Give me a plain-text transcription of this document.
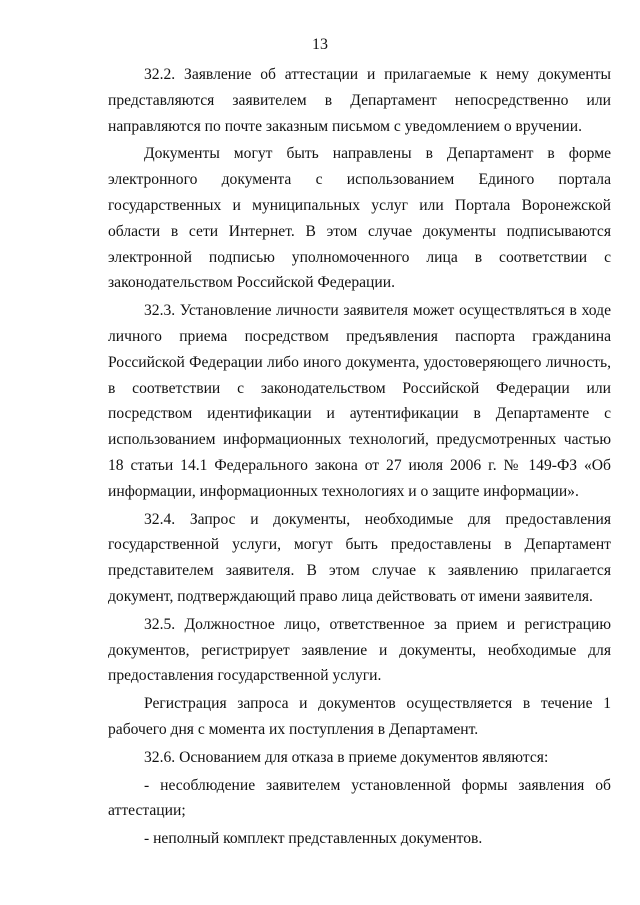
13

32.2. Заявление об аттестации и прилагаемые к нему документы представляются заявителем в Департамент непосредственно или направляются по почте заказным письмом с уведомлением о вручении.

Документы могут быть направлены в Департамент в форме электронного документа с использованием Единого портала государственных и муниципальных услуг или Портала Воронежской области в сети Интернет. В этом случае документы подписываются электронной подписью уполномоченного лица в соответствии с законодательством Российской Федерации.

32.3. Установление личности заявителя может осуществляться в ходе личного приема посредством предъявления паспорта гражданина Российской Федерации либо иного документа, удостоверяющего личность, в соответствии с законодательством Российской Федерации или посредством идентификации и аутентификации в Департаменте с использованием информационных технологий, предусмотренных частью 18 статьи 14.1 Федерального закона от 27 июля 2006 г. № 149-ФЗ «Об информации, информационных технологиях и о защите информации».

32.4. Запрос и документы, необходимые для предоставления государственной услуги, могут быть предоставлены в Департамент представителем заявителя. В этом случае к заявлению прилагается документ, подтверждающий право лица действовать от имени заявителя.

32.5. Должностное лицо, ответственное за прием и регистрацию документов, регистрирует заявление и документы, необходимые для предоставления государственной услуги.

Регистрация запроса и документов осуществляется в течение 1 рабочего дня с момента их поступления в Департамент.

32.6. Основанием для отказа в приеме документов являются:

- несоблюдение заявителем установленной формы заявления об аттестации;

- неполный комплект представленных документов.
